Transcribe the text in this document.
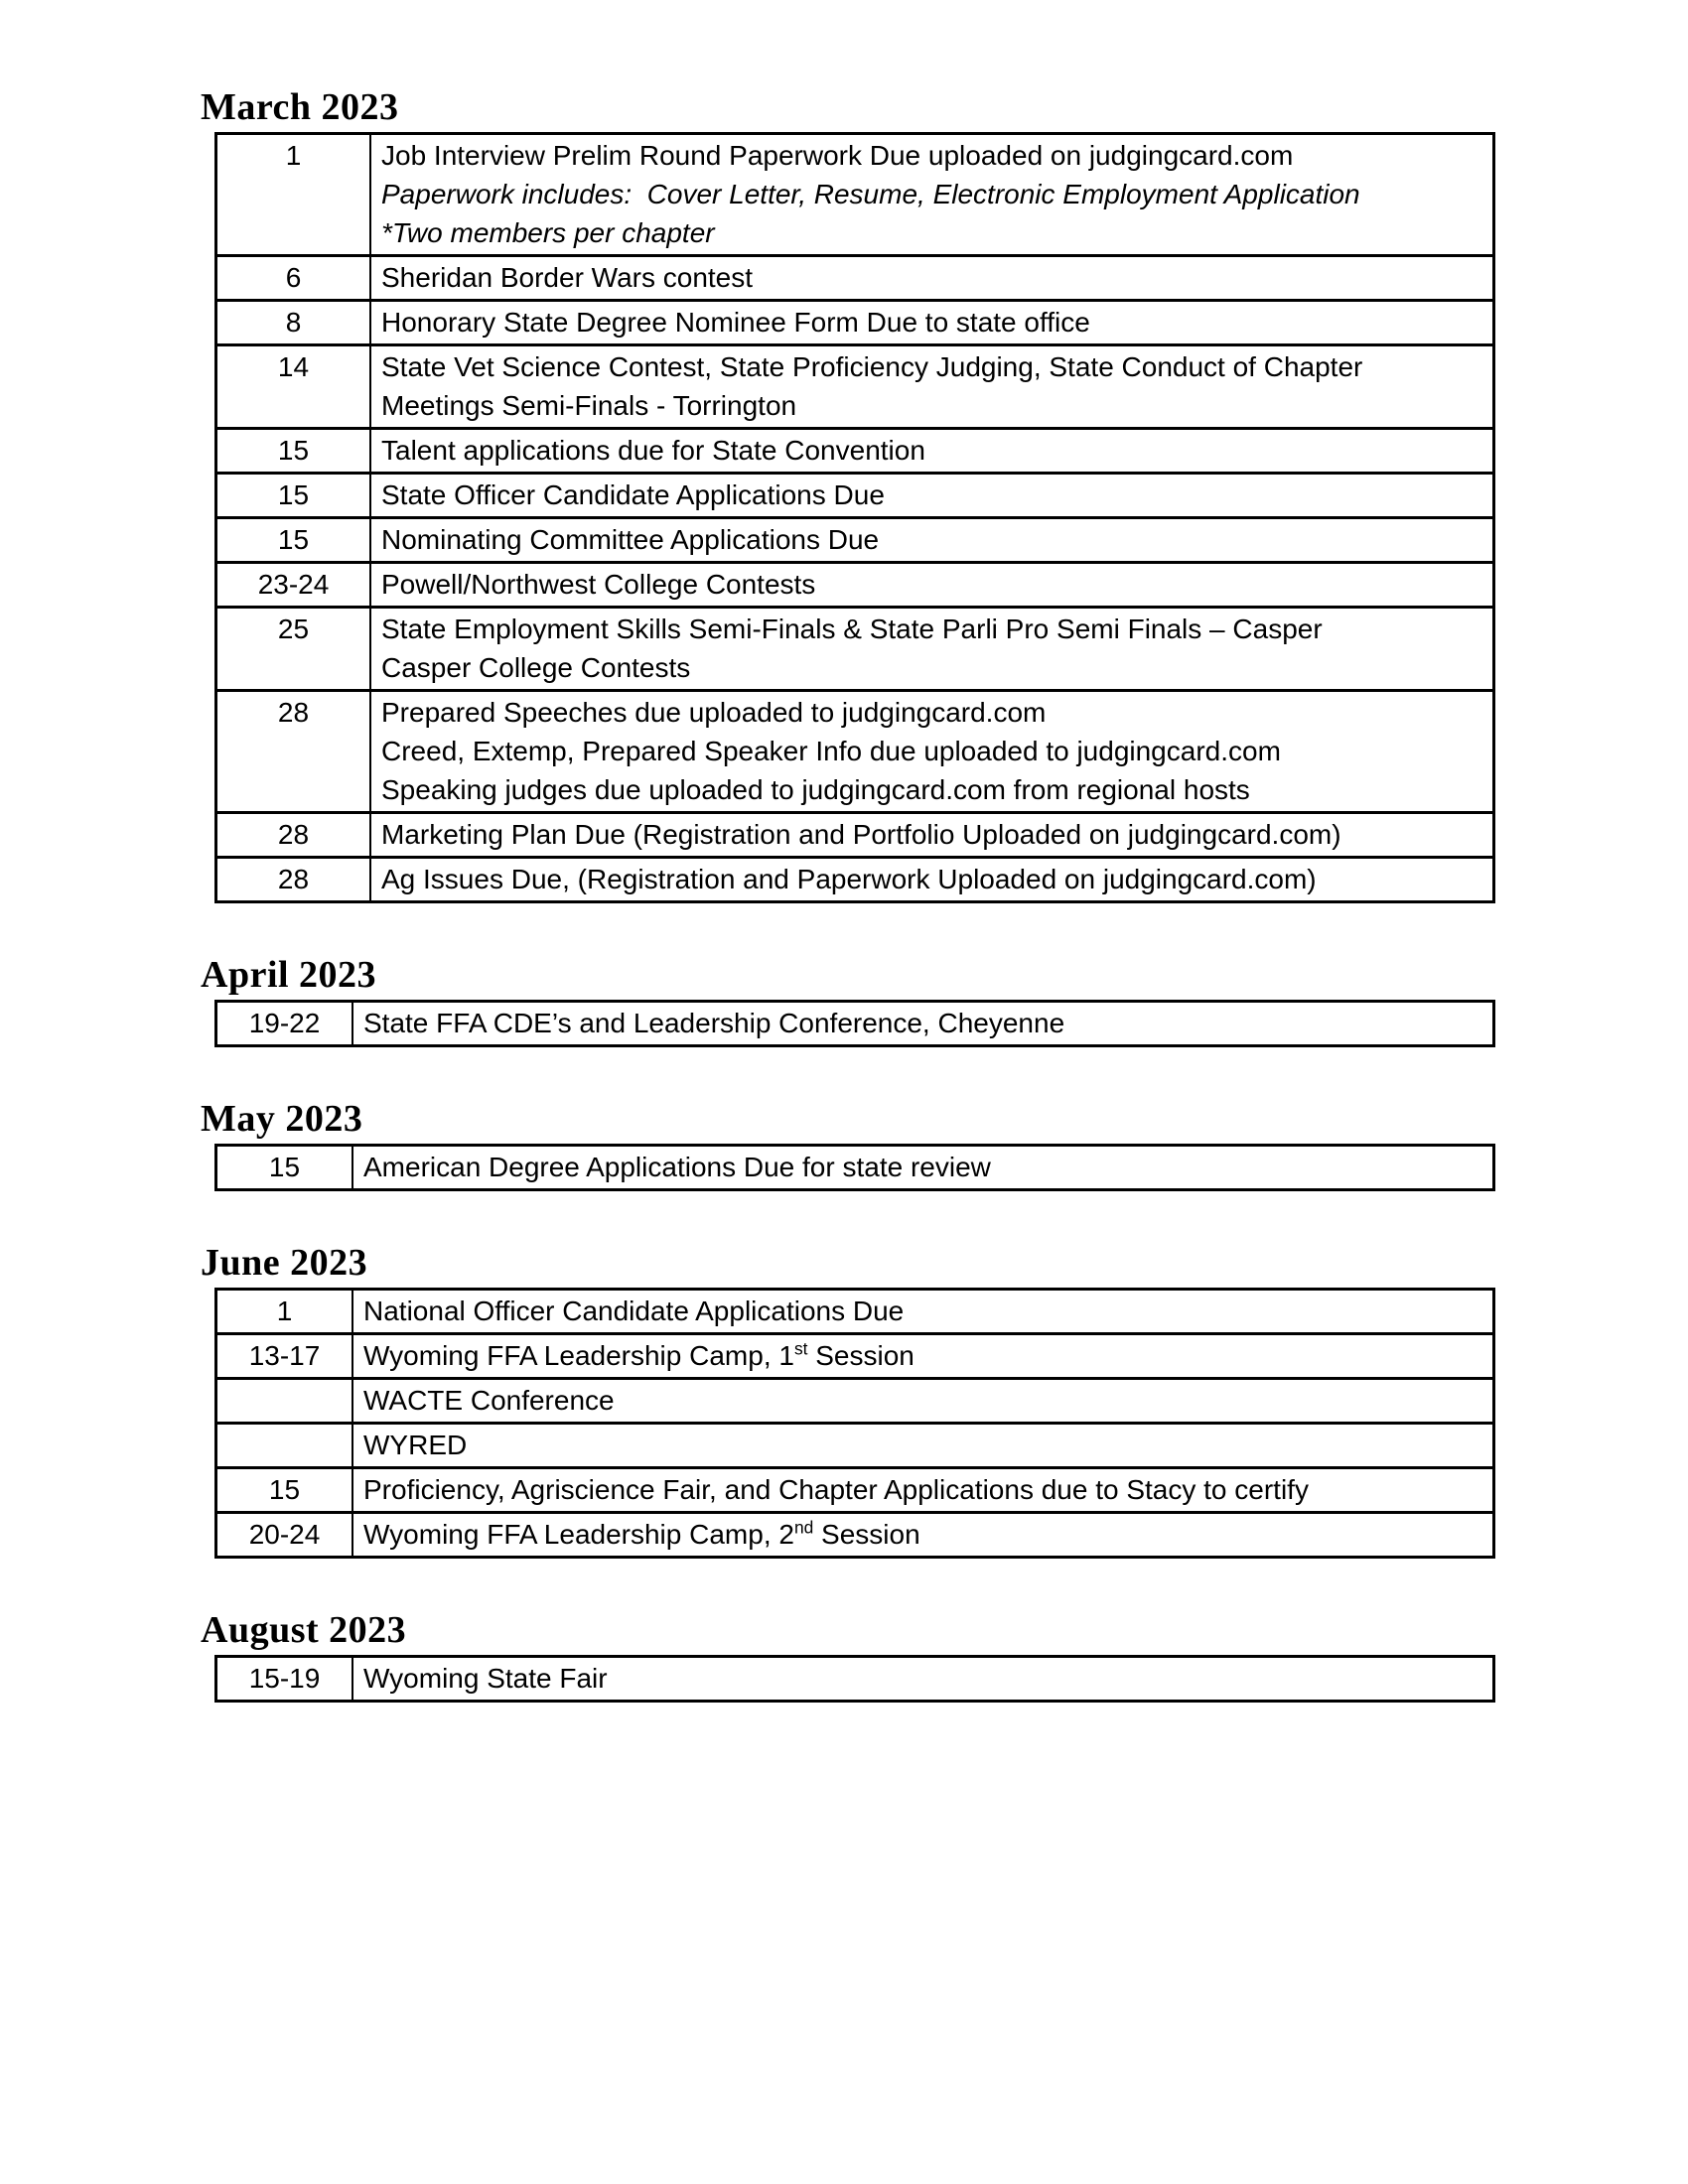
March 2023
1	Job Interview Prelim Round Paperwork Due uploaded on judgingcard.com
Paperwork includes:  Cover Letter, Resume, Electronic Employment Application
*Two members per chapter

6	Sheridan Border Wars contest

8	Honorary State Degree Nominee Form Due to state office

14	State Vet Science Contest, State Proficiency Judging, State Conduct of Chapter
Meetings Semi-Finals - Torrington

15	Talent applications due for State Convention

15	State Officer Candidate Applications Due

15	Nominating Committee Applications Due

23-24	Powell/Northwest College Contests

25	State Employment Skills Semi-Finals & State Parli Pro Semi Finals – Casper
Casper College Contests

28	Prepared Speeches due uploaded to judgingcard.com
Creed, Extemp, Prepared Speaker Info due uploaded to judgingcard.com
Speaking judges due uploaded to judgingcard.com from regional hosts

28	Marketing Plan Due (Registration and Portfolio Uploaded on judgingcard.com)

28	Ag Issues Due, (Registration and Paperwork Uploaded on judgingcard.com)
April 2023
19-22	State FFA CDE’s and Leadership Conference, Cheyenne
May 2023
15	American Degree Applications Due for state review
June 2023
1	National Officer Candidate Applications Due

13-17	Wyoming FFA Leadership Camp, 1st Session

	WACTE Conference

	WYRED

15	Proficiency, Agriscience Fair, and Chapter Applications due to Stacy to certify

20-24	Wyoming FFA Leadership Camp, 2nd Session
August 2023
15-19	Wyoming State Fair
